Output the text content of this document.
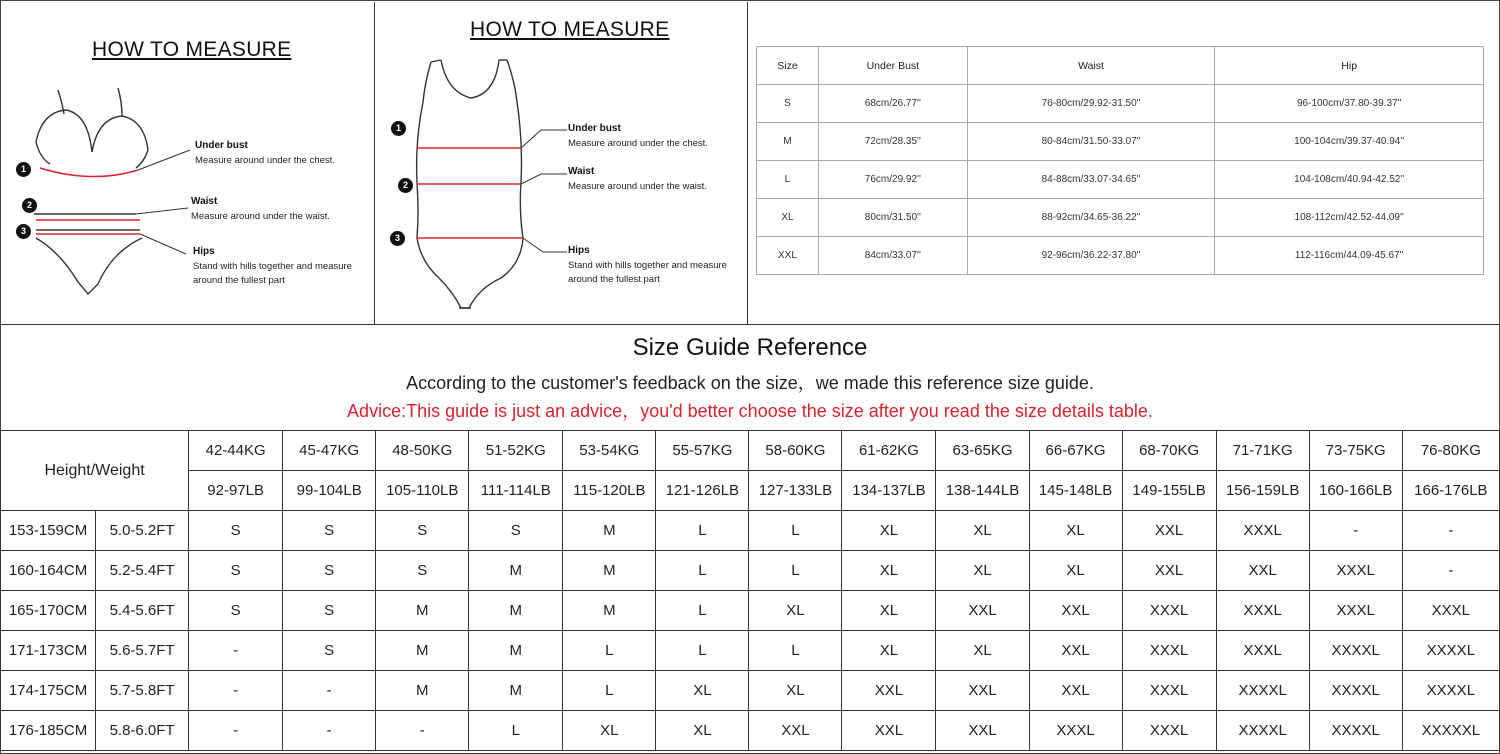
HOW TO MEASURE
1
2
3
Under bust
Measure around under the chest.
Waist
Measure around under the waist.
Hips
Stand with hills together and measure
around the fullest part
HOW TO MEASURE
1
2
3
Under bust
Measure around under the chest.
Waist
Measure around under the waist.
Hips
Stand with hills together and measure
around the fullest part
Size	Under Bust	Waist	Hip
S	68cm/26.77''	76-80cm/29.92-31.50''	96-100cm/37.80-39.37''
M	72cm/28.35''	80-84cm/31.50-33.07''	100-104cm/39.37-40.94''
L	76cm/29.92''	84-88cm/33.07-34.65''	104-108cm/40.94-42.52''
XL	80cm/31.50''	88-92cm/34.65-36.22''	108-112cm/42.52-44.09''
XXL	84cm/33.07''	92-96cm/36.22-37.80''	112-116cm/44.09-45.67''
Size Guide Reference
According to the customer's feedback on the size，we made this reference size guide.
Advice:This guide is just an advice，you'd better choose the size after you read the size details table.
Height/Weight		42-44KG	45-47KG	48-50KG	51-52KG	53-54KG	55-57KG	58-60KG	61-62KG	63-65KG	66-67KG	68-70KG	71-71KG	73-75KG	76-80KG
		92-97LB	99-104LB	105-110LB	111-114LB	115-120LB	121-126LB	127-133LB	134-137LB	138-144LB	145-148LB	149-155LB	156-159LB	160-166LB	166-176LB
153-159CM	5.0-5.2FT	S	S	S	S	M	L	L	XL	XL	XL	XXL	XXXL	-	-
160-164CM	5.2-5.4FT	S	S	S	M	M	L	L	XL	XL	XL	XXL	XXL	XXXL	-
165-170CM	5.4-5.6FT	S	S	M	M	M	L	XL	XL	XXL	XXL	XXXL	XXXL	XXXL	XXXL
171-173CM	5.6-5.7FT	-	S	M	M	L	L	L	XL	XL	XXL	XXXL	XXXL	XXXXL	XXXXL
174-175CM	5.7-5.8FT	-	-	M	M	L	XL	XL	XXL	XXL	XXL	XXXL	XXXXL	XXXXL	XXXXL
176-185CM	5.8-6.0FT	-	-	-	L	XL	XL	XXL	XXL	XXL	XXXL	XXXL	XXXXL	XXXXL	XXXXXL
